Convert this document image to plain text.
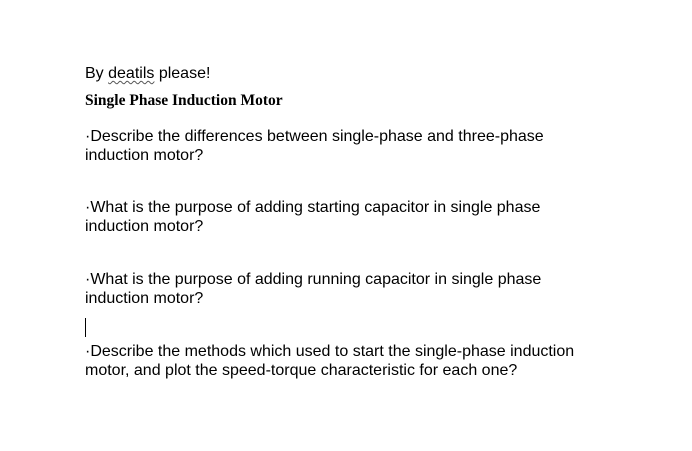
By deatils please!

Single Phase Induction Motor

·Describe the differences between single-phase and three-phase
induction motor?
·What is the purpose of adding starting capacitor in single phase
induction motor?
·What is the purpose of adding running capacitor in single phase
induction motor?
·Describe the methods which used to start the single-phase induction
motor, and plot the speed-torque characteristic for each one?
